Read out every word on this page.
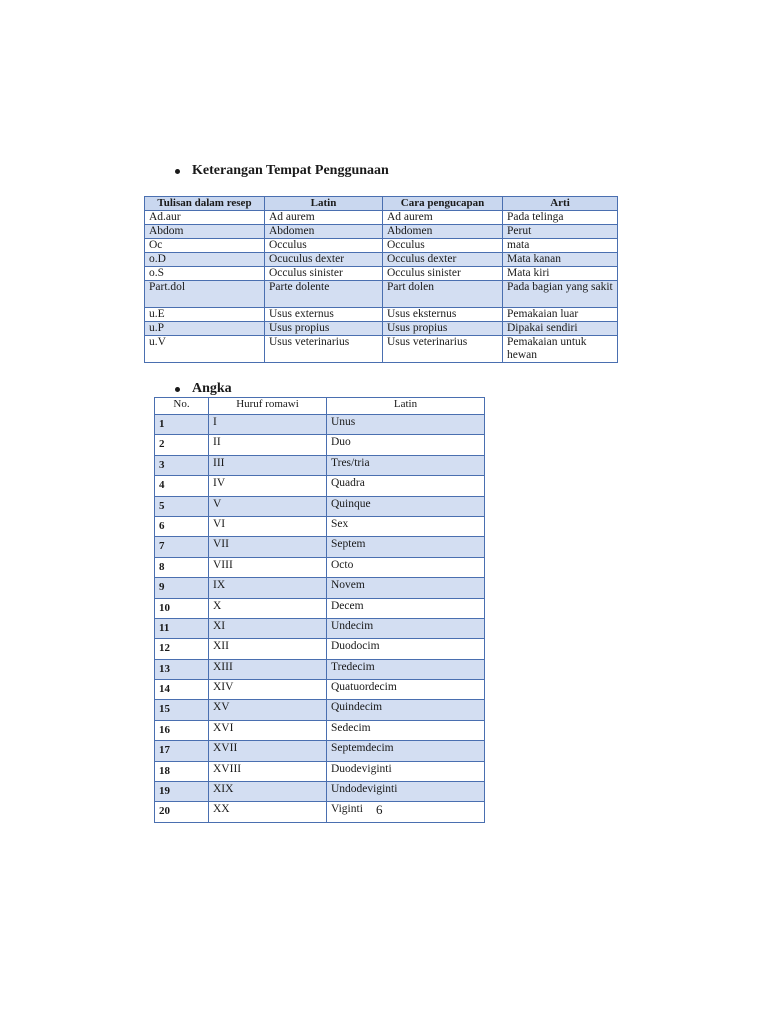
Keterangan Tempat Penggunaan
Tulisan dalam resep	Latin	Cara pengucapan	Arti
Ad.aur	Ad aurem	Ad aurem	Pada telinga
Abdom	Abdomen	Abdomen	Perut
Oc	Occulus	Occulus	mata
o.D	Ocuculus dexter	Occulus dexter	Mata kanan
o.S	Occulus sinister	Occulus sinister	Mata kiri
Part.dol	Parte dolente	Part dolen	Pada bagian yang sakit
u.E	Usus externus	Usus eksternus	Pemakaian luar
u.P	Usus propius	Usus propius	Dipakai sendiri
u.V	Usus veterinarius	Usus veterinarius	Pemakaian untuk hewan
Angka
No.	Huruf romawi	Latin
1	I	Unus
2	II	Duo
3	III	Tres/tria
4	IV	Quadra
5	V	Quinque
6	VI	Sex
7	VII	Septem
8	VIII	Octo
9	IX	Novem
10	X	Decem
11	XI	Undecim
12	XII	Duodocim
13	XIII	Tredecim
14	XIV	Quatuordecim
15	XV	Quindecim
16	XVI	Sedecim
17	XVII	Septemdecim
18	XVIII	Duodeviginti
19	XIX	Undodeviginti
20	XX	Viginti 6
